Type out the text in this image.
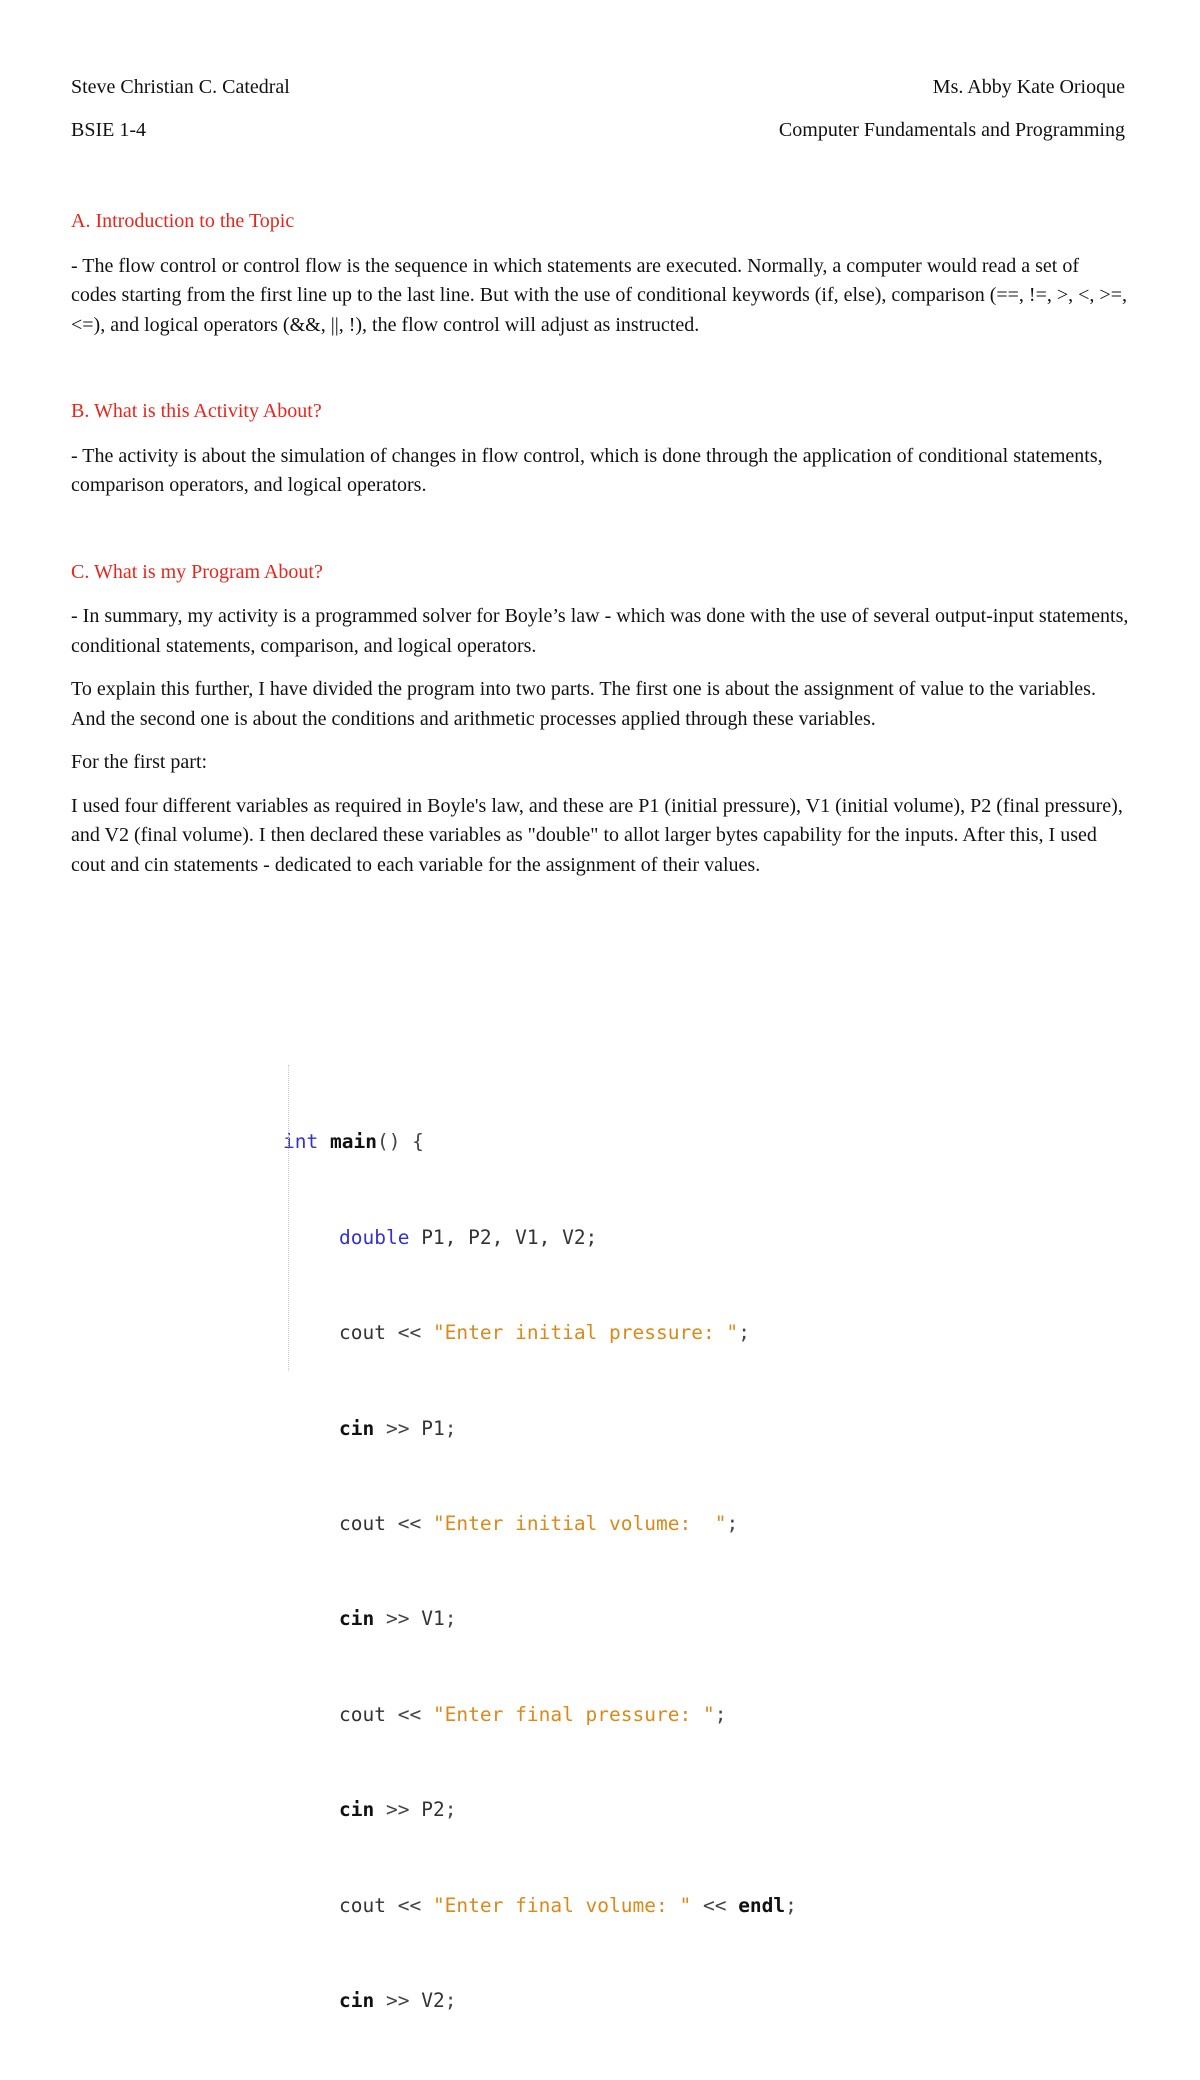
Steve Christian C. Catedral	Ms. Abby Kate Orioque
BSIE 1-4	Computer Fundamentals and Programming

A. Introduction to the Topic

- The flow control or control flow is the sequence in which statements are executed. Normally, a computer would read a set of codes starting from the first line up to the last line. But with the use of conditional keywords (if, else), comparison (==, !=, >, <, >=, <=), and logical operators (&&, ||, !), the flow control will adjust as instructed.

B. What is this Activity About?

- The activity is about the simulation of changes in flow control, which is done through the application of conditional statements, comparison operators, and logical operators.

C. What is my Program About?

- In summary, my activity is a programmed solver for Boyle’s law - which was done with the use of several output-input statements, conditional statements, comparison, and logical operators.

To explain this further, I have divided the program into two parts. The first one is about the assignment of value to the variables. And the second one is about the conditions and arithmetic processes applied through these variables.

For the first part:

I used four different variables as required in Boyle's law, and these are P1 (initial pressure), V1 (initial volume), P2 (final pressure), and V2 (final volume). I then declared these variables as "double" to allot larger bytes capability for the inputs. After this, I used cout and cin statements - dedicated to each variable for the assignment of their values.

int main() {

double P1, P2, V1, V2;

cout << "Enter initial pressure: ";

cin >> P1;

cout << "Enter initial volume:  ";

cin >> V1;

cout << "Enter final pressure: ";

cin >> P2;

cout << "Enter final volume: " << endl;

cin >> V2;
